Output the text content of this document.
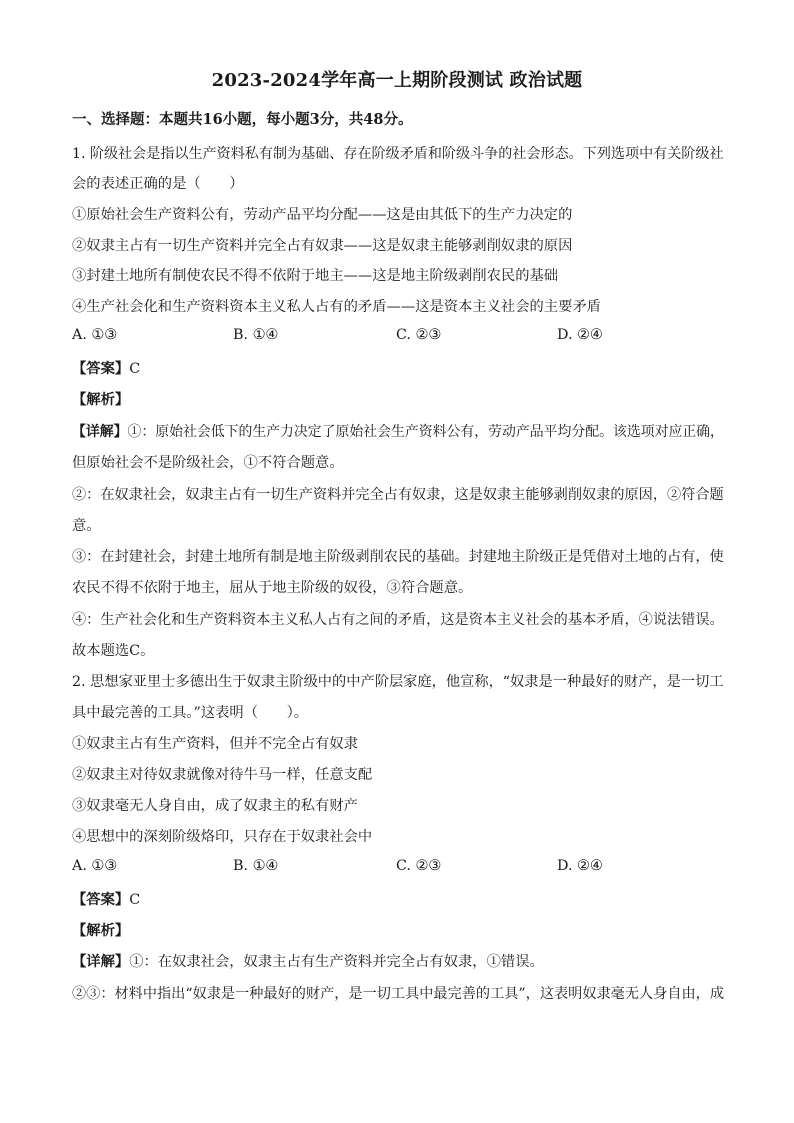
2023-2024学年高一上期阶段测试 政治试题
一、选择题：本题共16小题，每小题3分，共48分。
1. 阶级社会是指以生产资料私有制为基础、存在阶级矛盾和阶级斗争的社会形态。下列选项中有关阶级社
会的表述正确的是（　　）
①原始社会生产资料公有，劳动产品平均分配——这是由其低下的生产力决定的
②奴隶主占有一切生产资料并完全占有奴隶——这是奴隶主能够剥削奴隶的原因
③封建土地所有制使农民不得不依附于地主——这是地主阶级剥削农民的基础
④生产社会化和生产资料资本主义私人占有的矛盾——这是资本主义社会的主要矛盾
A. ①③	B. ①④	C. ②③	D. ②④
【答案】C
【解析】
【详解】①：原始社会低下的生产力决定了原始社会生产资料公有，劳动产品平均分配。该选项对应正确，
但原始社会不是阶级社会，①不符合题意。
②：在奴隶社会，奴隶主占有一切生产资料并完全占有奴隶，这是奴隶主能够剥削奴隶的原因，②符合题
意。
③：在封建社会，封建土地所有制是地主阶级剥削农民的基础。封建地主阶级正是凭借对土地的占有，使
农民不得不依附于地主，屈从于地主阶级的奴役，③符合题意。
④：生产社会化和生产资料资本主义私人占有之间的矛盾，这是资本主义社会的基本矛盾，④说法错误。
故本题选C。
2. 思想家亚里士多德出生于奴隶主阶级中的中产阶层家庭，他宣称，“奴隶是一种最好的财产，是一切工
具中最完善的工具。”这表明（　　）。
①奴隶主占有生产资料，但并不完全占有奴隶
②奴隶主对待奴隶就像对待牛马一样，任意支配
③奴隶毫无人身自由，成了奴隶主的私有财产
④思想中的深刻阶级烙印，只存在于奴隶社会中
A. ①③	B. ①④	C. ②③	D. ②④
【答案】C
【解析】
【详解】①：在奴隶社会，奴隶主占有生产资料并完全占有奴隶，①错误。
②③：材料中指出“奴隶是一种最好的财产，是一切工具中最完善的工具”，这表明奴隶毫无人身自由，成
